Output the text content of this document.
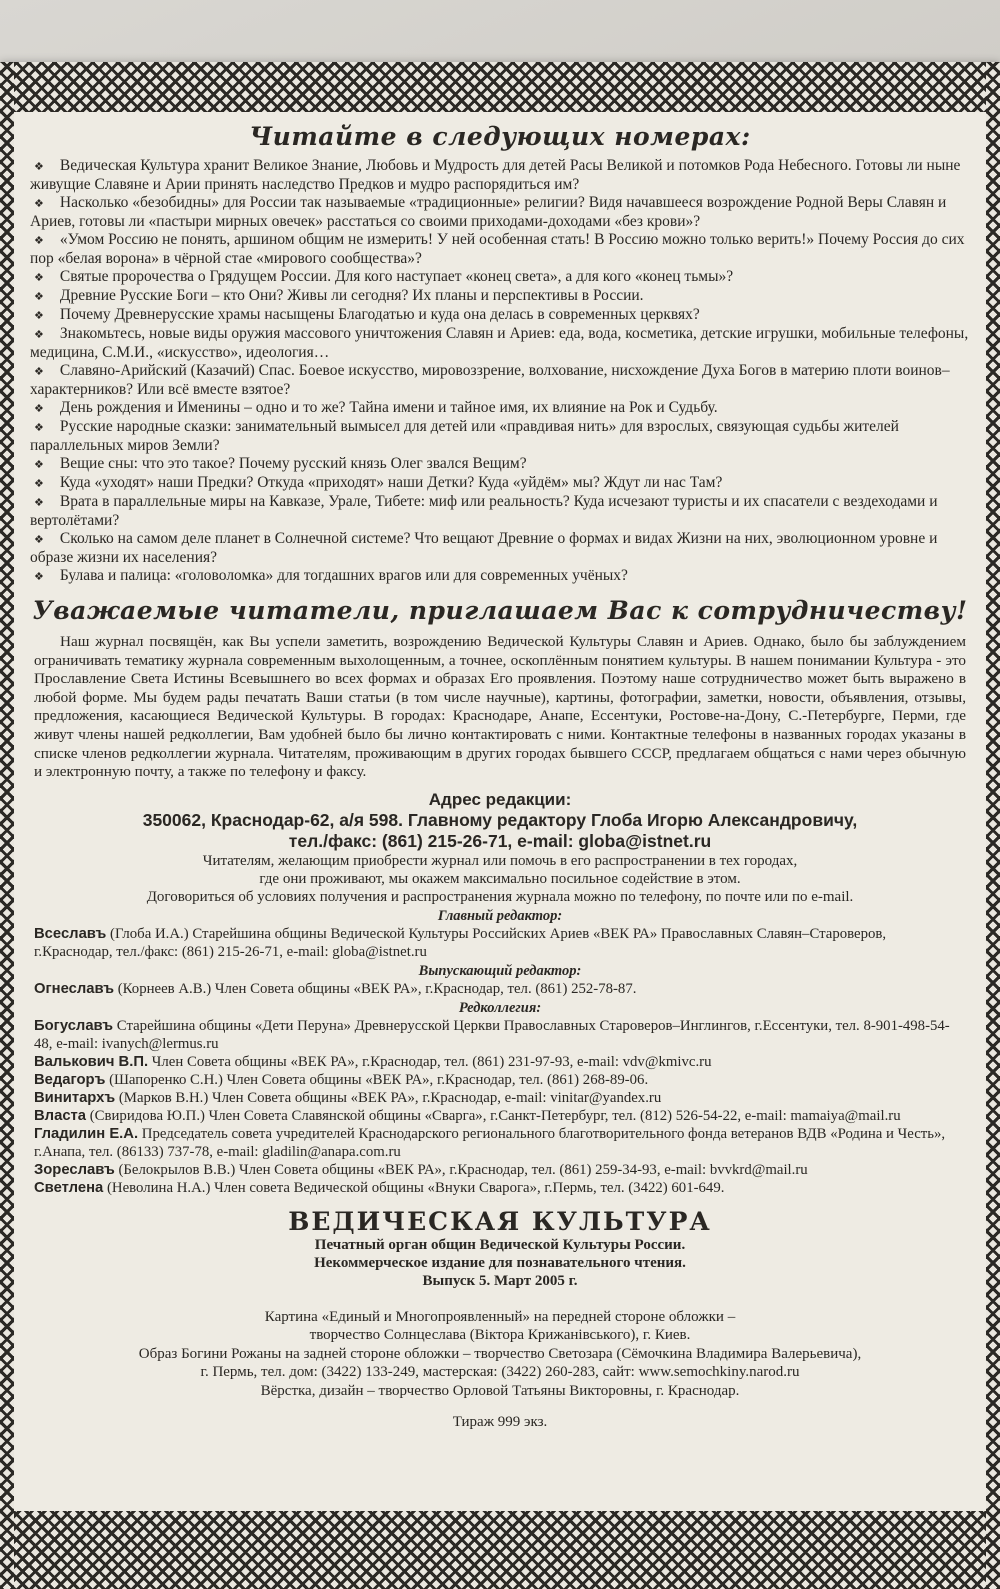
Читайте в следующих номерах:
❖ Ведическая Культура хранит Великое Знание, Любовь и Мудрость для детей Расы Великой и потомков Рода Небесного. Готовы ли ныне живущие Славяне и Арии принять наследство Предков и мудро распорядиться им?
❖ Насколько «безобидны» для России так называемые «традиционные» религии? Видя начавшееся возрождение Родной Веры Славян и Ариев, готовы ли «пастыри мирных овечек» расстаться со своими приходами-доходами «без крови»?
❖ «Умом Россию не понять, аршином общим не измерить! У ней особенная стать! В Россию можно только верить!» Почему Россия до сих пор «белая ворона» в чёрной стае «мирового сообщества»?
❖ Святые пророчества о Грядущем России. Для кого наступает «конец света», а для кого «конец тьмы»?
❖ Древние Русские Боги – кто Они? Живы ли сегодня? Их планы и перспективы в России.
❖ Почему Древнерусские храмы насыщены Благодатью и куда она делась в современных церквях?
❖ Знакомьтесь, новые виды оружия массового уничтожения Славян и Ариев: еда, вода, косметика, детские игрушки, мобильные телефоны, медицина, С.М.И., «искусство», идеология…
❖ Славяно-Арийский (Казачий) Спас. Боевое искусство, мировоззрение, волхование, нисхождение Духа Богов в материю плоти воинов–характерников? Или всё вместе взятое?
❖ День рождения и Именины – одно и то же? Тайна имени и тайное имя, их влияние на Рок и Судьбу.
❖ Русские народные сказки: занимательный вымысел для детей или «правдивая нить» для взрослых, связующая судьбы жителей параллельных миров Земли?
❖ Вещие сны: что это такое? Почему русский князь Олег звался Вещим?
❖ Куда «уходят» наши Предки? Откуда «приходят» наши Детки? Куда «уйдём» мы? Ждут ли нас Там?
❖ Врата в параллельные миры на Кавказе, Урале, Тибете: миф или реальность? Куда исчезают туристы и их спасатели с вездеходами и вертолётами?
❖ Сколько на самом деле планет в Солнечной системе? Что вещают Древние о формах и видах Жизни на них, эволюционном уровне и образе жизни их населения?
❖ Булава и палица: «головоломка» для тогдашних врагов или для современных учёных?
Уважаемые читатели, приглашаем Вас к сотрудничеству!

Наш журнал посвящён, как Вы успели заметить, возрождению Ведической Культуры Славян и Ариев. Однако, было бы заблуждением ограничивать тематику журнала современным выхолощенным, а точнее, оскоплённым понятием культуры. В нашем понимании Культура - это Прославление Света Истины Всевышнего во всех формах и образах Его проявления. Поэтому наше сотрудничество может быть выражено в любой форме. Мы будем рады печатать Ваши статьи (в том числе научные), картины, фотографии, заметки, новости, объявления, отзывы, предложения, касающиеся Ведической Культуры. В городах: Краснодаре, Анапе, Ессентуки, Ростове-на-Дону, С.-Петербурге, Перми, где живут члены нашей редколлегии, Вам удобней было бы лично контактировать с ними. Контактные телефоны в названных городах указаны в списке членов редколлегии журнала. Читателям, проживающим в других городах бывшего СССР, предлагаем общаться с нами через обычную и электронную почту, а также по телефону и факсу.

Адрес редакции:
350062, Краснодар-62, а/я 598. Главному редактору Глоба Игорю Александровичу,
тел./факс: (861) 215-26-71, e-mail: globa@istnet.ru
Читателям, желающим приобрести журнал или помочь в его распространении в тех городах,
где они проживают, мы окажем максимально посильное содействие в этом.
Договориться об условиях получения и распространения журнала можно по телефону, по почте или по e-mail.
Главный редактор:
Всеславъ (Глоба И.А.) Старейшина общины Ведической Культуры Российских Ариев «ВЕК РА» Православных Славян–Староверов, г.Краснодар, тел./факс: (861) 215-26-71, e-mail: globa@istnet.ru
Выпускающий редактор:
Огнеславъ (Корнеев А.В.) Член Совета общины «ВЕК РА», г.Краснодар, тел. (861) 252-78-87.
Редколлегия:
Богуславъ Старейшина общины «Дети Перуна» Древнерусской Церкви Православных Староверов–Инглингов, г.Ессентуки, тел. 8-901-498-54-48, e-mail: ivanych@lermus.ru
Валькович В.П. Член Совета общины «ВЕК РА», г.Краснодар, тел. (861) 231-97-93, e-mail: vdv@kmivc.ru
Ведагоръ (Шапоренко С.Н.) Член Совета общины «ВЕК РА», г.Краснодар, тел. (861) 268-89-06.
Винитархъ (Марков В.Н.) Член Совета общины «ВЕК РА», г.Краснодар, e-mail: vinitar@yandex.ru
Власта (Свиридова Ю.П.) Член Совета Славянской общины «Сварга», г.Санкт-Петербург, тел. (812) 526-54-22, e-mail: mamaiya@mail.ru
Гладилин Е.А. Председатель совета учредителей Краснодарского регионального благотворительного фонда ветеранов ВДВ «Родина и Честь», г.Анапа, тел. (86133) 737-78, e-mail: gladilin@anapa.com.ru
Зореславъ (Белокрылов В.В.) Член Совета общины «ВЕК РА», г.Краснодар, тел. (861) 259-34-93, e-mail: bvvkrd@mail.ru
Светлена (Неволина Н.А.) Член совета Ведической общины «Внуки Сварога», г.Пермь, тел. (3422) 601-649.
ВЕДИЧЕСКАЯ КУЛЬТУРА
Печатный орган общин Ведической Культуры России.
Некоммерческое издание для познавательного чтения.
Выпуск 5. Март 2005 г.
Картина «Единый и Многопроявленный» на передней стороне обложки –
творчество Солнцеслава (Віктора Крижанівського), г. Киев.
Образ Богини Рожаны на задней стороне обложки – творчество Светозара (Сёмочкина Владимира Валерьевича),
г. Пермь, тел. дом: (3422) 133-249, мастерская: (3422) 260-283, сайт: www.semochkiny.narod.ru
Вёрстка, дизайн – творчество Орловой Татьяны Викторовны, г. Краснодар.
Тираж 999 экз.
